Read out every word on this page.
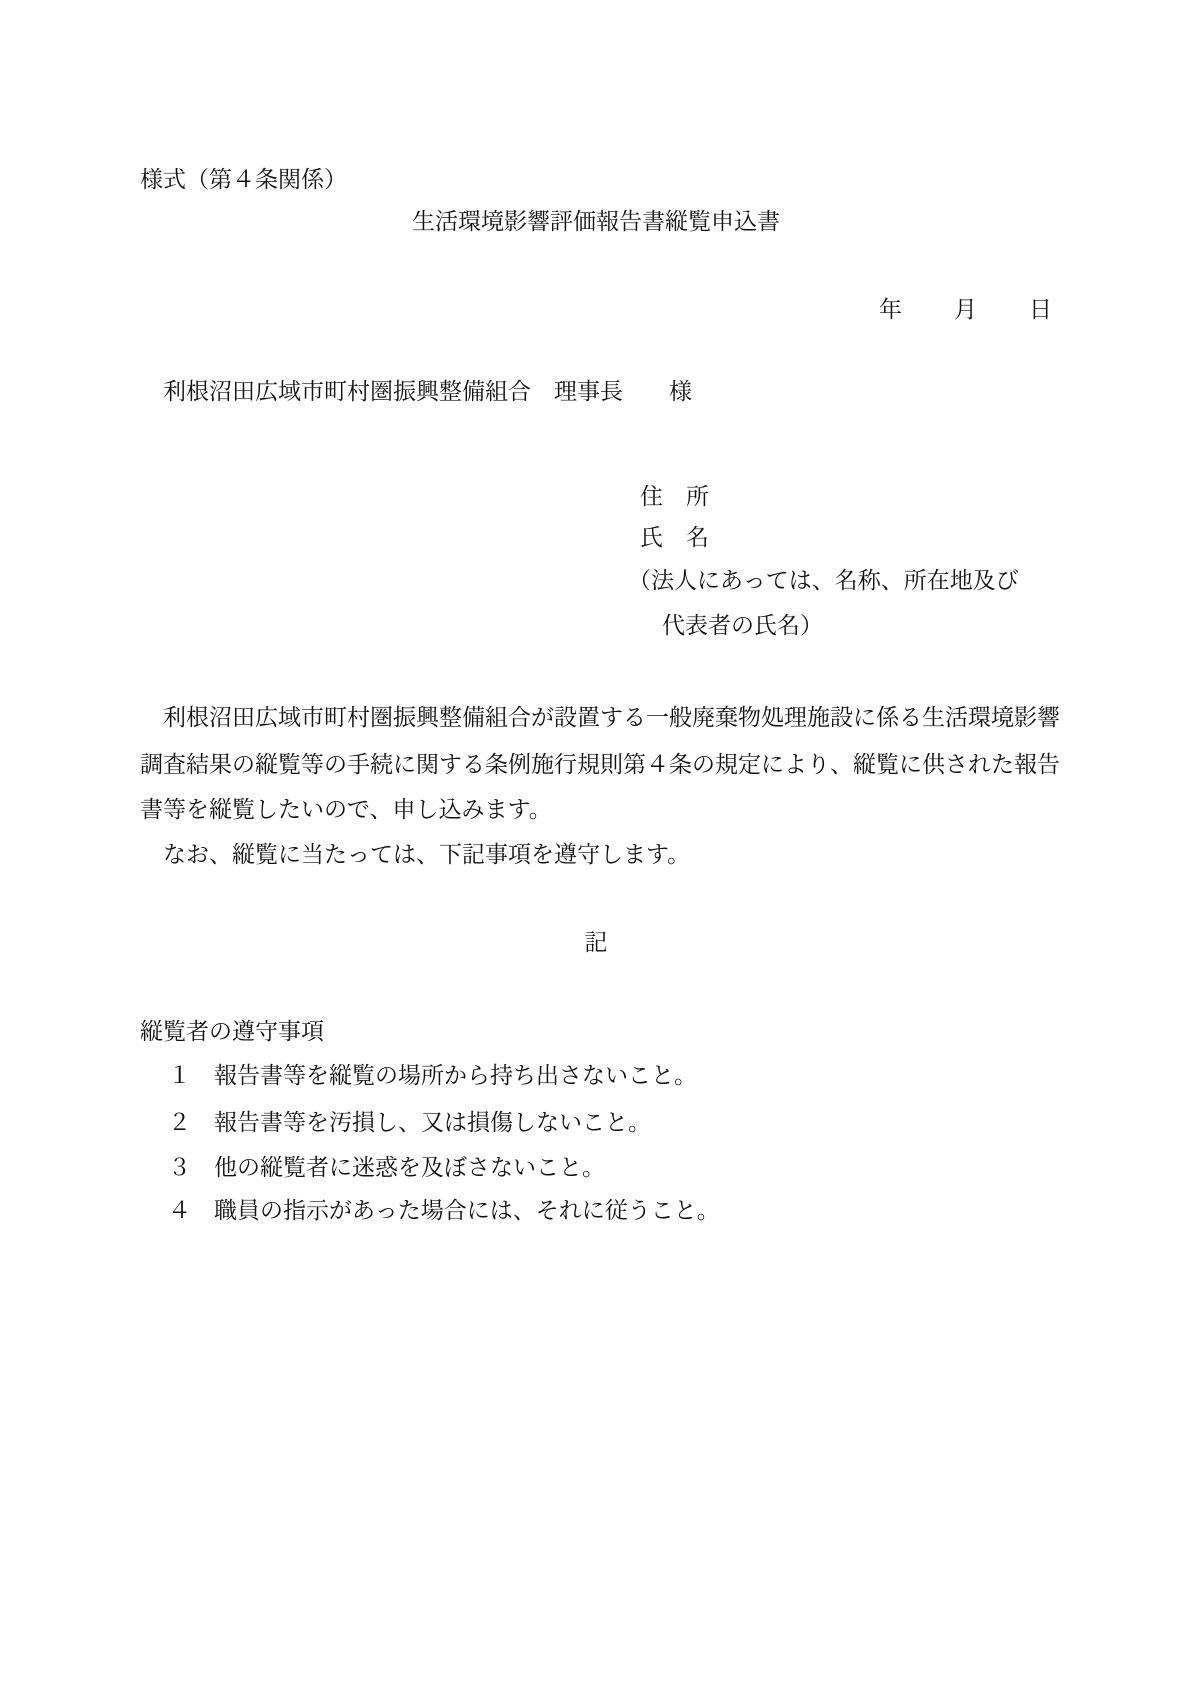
様式（第４条関係）
生活環境影響評価報告書縦覧申込書
年 月 日
利根沼田広域市町村圏振興整備組合　理事長　　様
住　所
氏　名
（法人にあっては、名称、所在地及び
代表者の氏名）
利根沼田広域市町村圏振興整備組合が設置する一般廃棄物処理施設に係る生活環境影響
調査結果の縦覧等の手続に関する条例施行規則第４条の規定により、縦覧に供された報告
書等を縦覧したいので、申し込みます。
なお、縦覧に当たっては、下記事項を遵守します。
記
縦覧者の遵守事項
１	報告書等を縦覧の場所から持ち出さないこと。
２	報告書等を汚損し、又は損傷しないこと。
３	他の縦覧者に迷惑を及ぼさないこと。
４	職員の指示があった場合には、それに従うこと。
